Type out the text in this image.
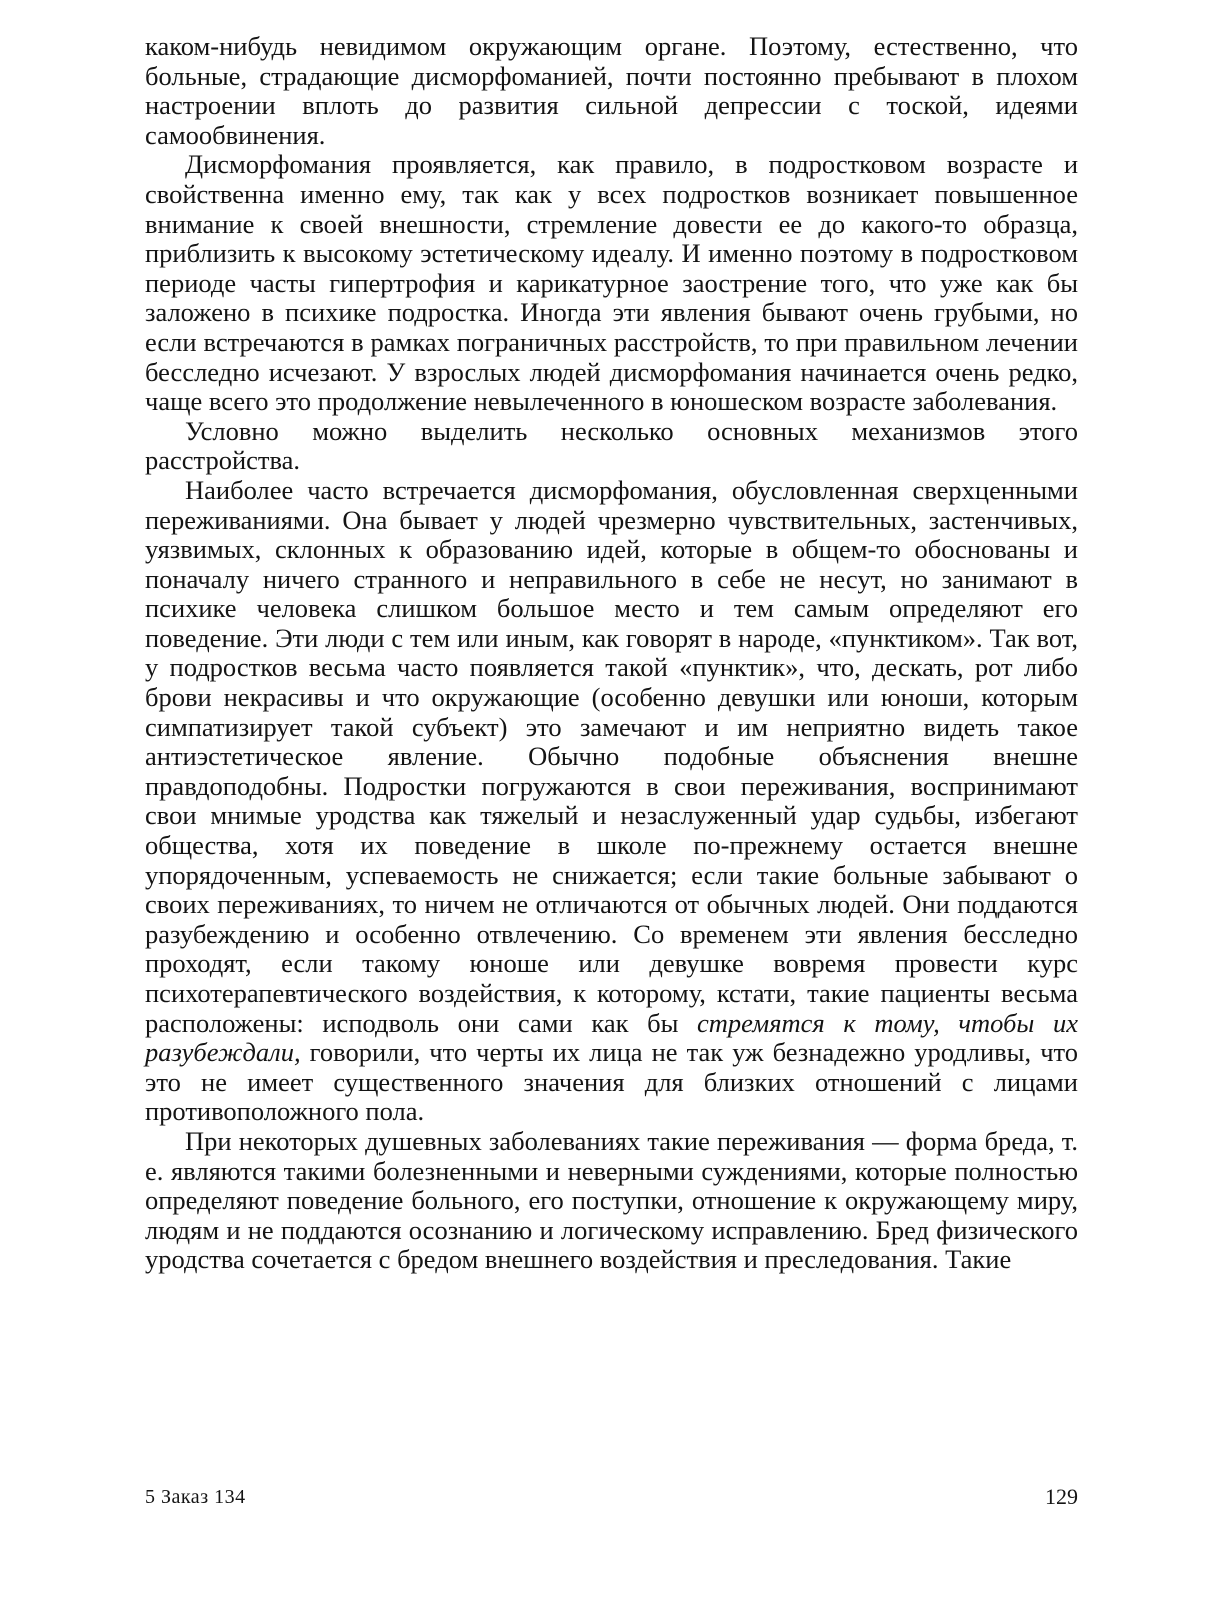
каком-нибудь невидимом окружающим органе. Поэтому, естественно, что больные, страдающие дисморфоманией, почти постоянно пребывают в плохом настроении вплоть до развития сильной депрессии с тоской, идеями самообвинения.

Дисморфомания проявляется, как правило, в подростковом возрасте и свойственна именно ему, так как у всех подростков возникает повышенное внимание к своей внешности, стремление довести ее до какого-то образца, приблизить к высокому эстетическому идеалу. И именно поэтому в подростковом периоде часты гипертрофия и карикатурное заострение того, что уже как бы заложено в психике подростка. Иногда эти явления бывают очень грубыми, но если встречаются в рамках пограничных расстройств, то при правильном лечении бесследно исчезают. У взрослых людей дисморфомания начинается очень редко, чаще всего это продолжение невылеченного в юношеском возрасте заболевания.

Условно можно выделить несколько основных механизмов этого расстройства.

Наиболее часто встречается дисморфомания, обусловленная сверхценными переживаниями. Она бывает у людей чрезмерно чувствительных, застенчивых, уязвимых, склонных к образованию идей, которые в общем-то обоснованы и поначалу ничего странного и неправильного в себе не несут, но занимают в психике человека слишком большое место и тем самым определяют его поведение. Эти люди с тем или иным, как говорят в народе, «пунктиком». Так вот, у подростков весьма часто появляется такой «пунктик», что, дескать, рот либо брови некрасивы и что окружающие (особенно девушки или юноши, которым симпатизирует такой субъект) это замечают и им неприятно видеть такое антиэстетическое явление. Обычно подобные объяснения внешне правдоподобны. Подростки погружаются в свои переживания, воспринимают свои мнимые уродства как тяжелый и незаслуженный удар судьбы, избегают общества, хотя их поведение в школе по-прежнему остается внешне упорядоченным, успеваемость не снижается; если такие больные забывают о своих переживаниях, то ничем не отличаются от обычных людей. Они поддаются разубеждению и особенно отвлечению. Со временем эти явления бесследно проходят, если такому юноше или девушке вовремя провести курс психотерапевтического воздействия, к которому, кстати, такие пациенты весьма расположены: исподволь они сами как бы стремятся к тому, чтобы их разубеждали, говорили, что черты их лица не так уж безнадежно уродливы, что это не имеет существенного значения для близких отношений с лицами противоположного пола.

При некоторых душевных заболеваниях такие переживания — форма бреда, т. е. являются такими болезненными и неверными суждениями, которые полностью определяют поведение больного, его поступки, отношение к окружающему миру, людям и не поддаются осознанию и логическому исправлению. Бред физического уродства сочетается с бредом внешнего воздействия и преследования. Такие

5 Заказ 134	129
